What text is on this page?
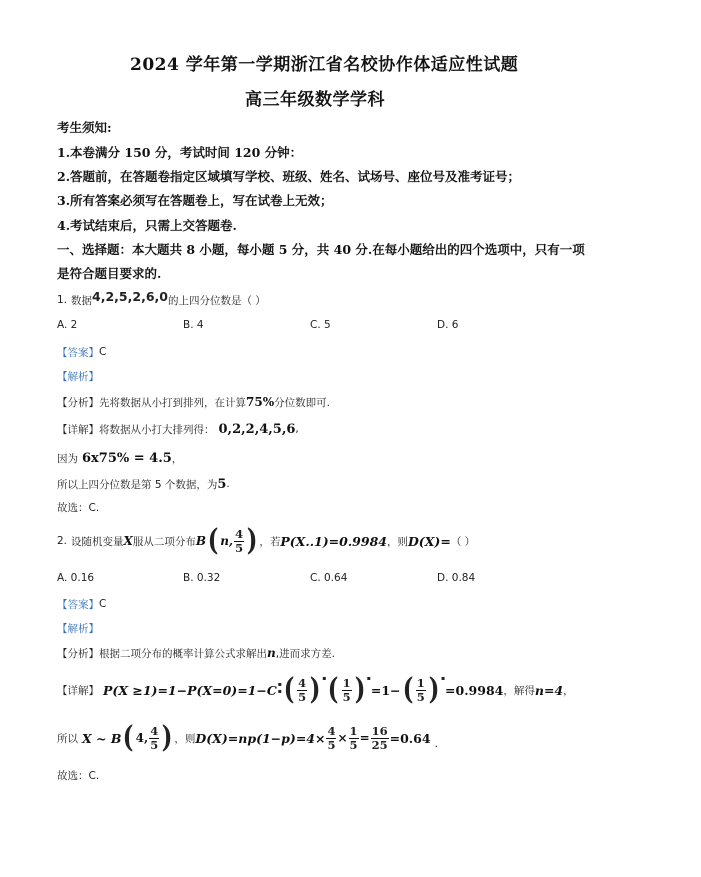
2024 学年第一学期浙江省名校协作体适应性试题
高三年级数学学科
考生须知:
1.本卷满分 150 分，考试时间 120 分钟：
2.答题前，在答题卷指定区域填写学校、班级、姓名、试场号、座位号及准考证号；
3.所有答案必须写在答题卷上，写在试卷上无效；
4.考试结束后，只需上交答题卷.
一、选择题：本大题共 8 小题，每小题 5 分，共 40 分.在每小题给出的四个选项中，只有一项
是符合题目要求的.
1. 数据 4,2,5,2,6,0 的上四分位数是（ ）
A. 2	B. 4	C. 5	D. 6
【答案】 C
【解析】
【分析】 先将数据从小打到排列，在计算 75% 分位数即可.
【详解】 将数据从小打大排列得： 0,2,2,4,5,6 ,
因为 6x75% = 4.5 ，
所以上四分位数是第 5 个数据，为 5 .
故选：C.
2. 设随机变量 X 服从二项分布 B ( n, $\frac{4}{5}$ ) ，若 P(X..1)=0.9984 ，则 D(X)= （ ）
A. 0.16	B. 0.32	C. 0.64	D. 0.84
【答案】 C
【解析】
【分析】 根据二项分布的概率计算公式求解出 n ,进而求方差.
【详解】 P(X ≥1)=1−P(X=0)=1−C ▪
▪ ( $\frac{4}{5}$ ) ▪ ( $\frac{1}{5}$ ) ▪
=1− ( $\frac{1}{5}$ ) ▪
=0.9984 ，解得 n=4 ，
所以 X ~ B ( 4, $\frac{4}{5}$ ) ，则 $D(X)=np(1-p)=4\times \frac{4}{5} \times \frac{1}{5} = \frac{16}{25} =0.64$ .
故选：C.
